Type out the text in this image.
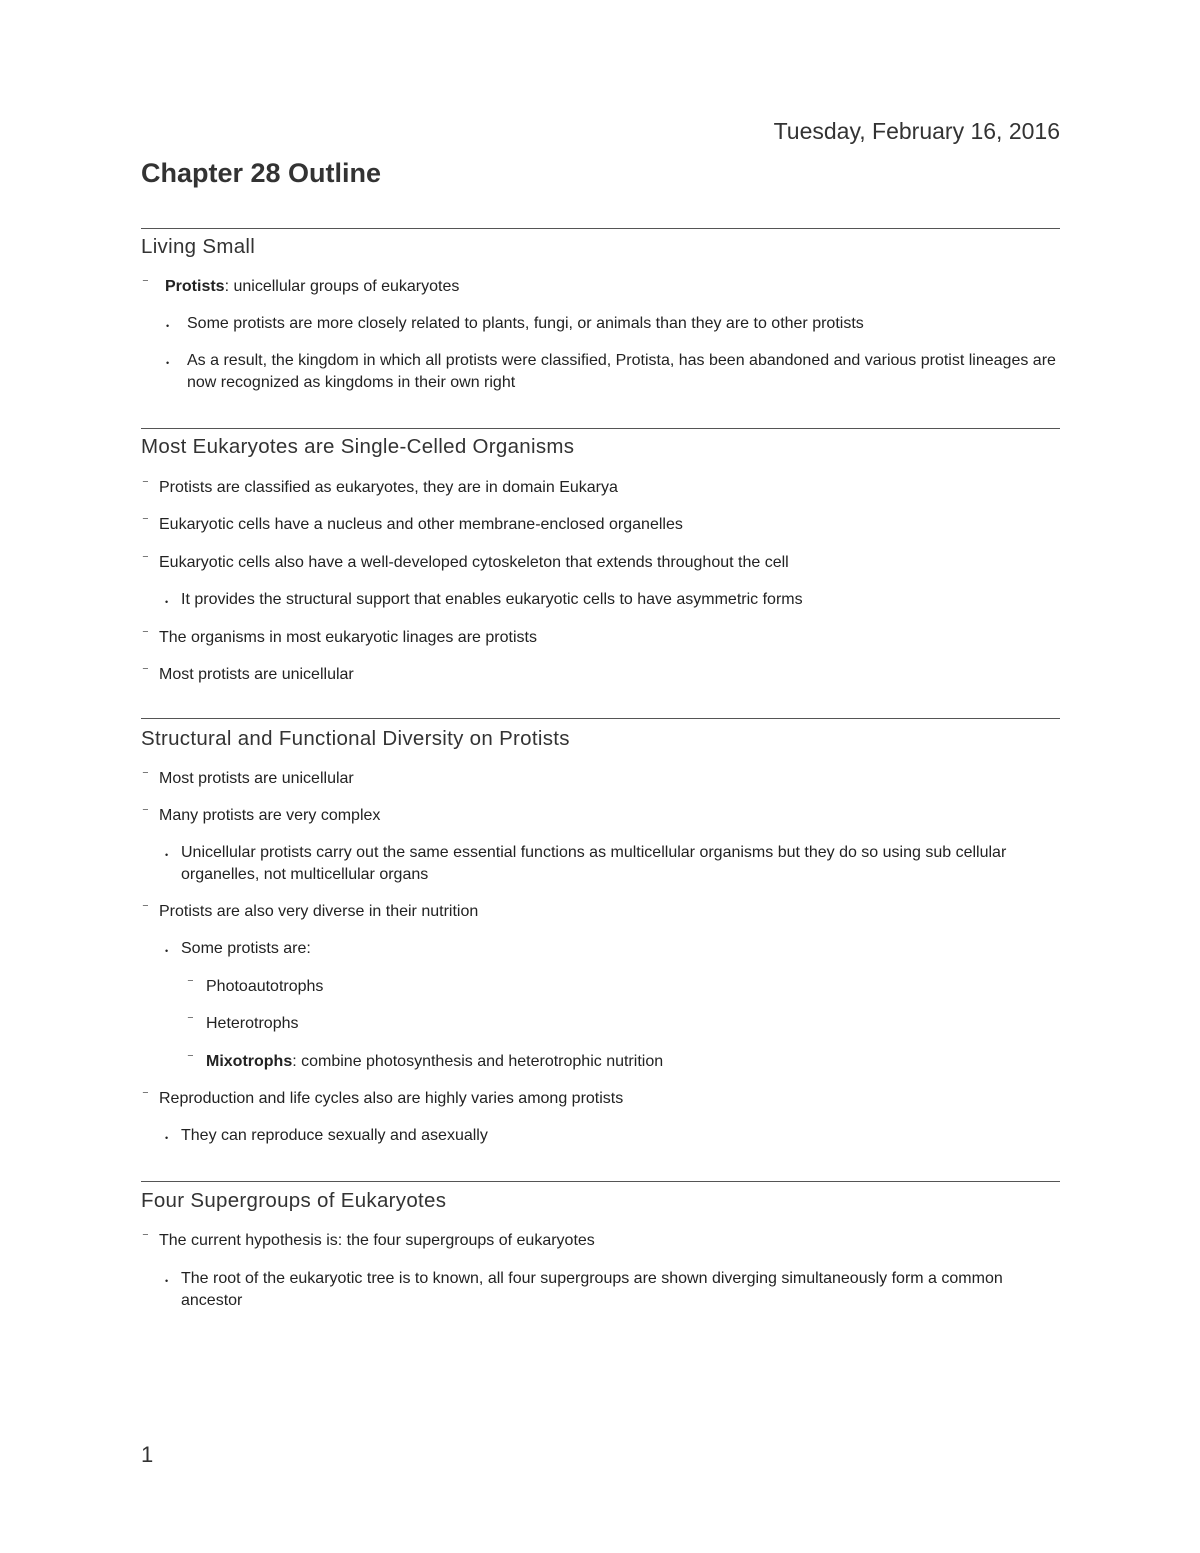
Tuesday, February 16, 2016
Chapter 28 Outline
Living Small
⁻ Protists: unicellular groups of eukaryotes
• Some protists are more closely related to plants, fungi, or animals than they are to other protists
• As a result, the kingdom in which all protists were classified, Protista, has been abandoned and various protist lineages are now recognized as kingdoms in their own right
Most Eukaryotes are Single-Celled Organisms
⁻ Protists are classified as eukaryotes, they are in domain Eukarya
⁻ Eukaryotic cells have a nucleus and other membrane-enclosed organelles
⁻ Eukaryotic cells also have a well-developed cytoskeleton that extends throughout the cell
• It provides the structural support that enables eukaryotic cells to have asymmetric forms
⁻ The organisms in most eukaryotic linages are protists
⁻ Most protists are unicellular
Structural and Functional Diversity on Protists
⁻ Most protists are unicellular
⁻ Many protists are very complex
• Unicellular protists carry out the same essential functions as multicellular organisms but they do so using sub cellular organelles, not multicellular organs
⁻ Protists are also very diverse in their nutrition
• Some protists are:
⁻ Photoautotrophs
⁻ Heterotrophs
⁻ Mixotrophs: combine photosynthesis and heterotrophic nutrition
⁻ Reproduction and life cycles also are highly varies among protists
• They can reproduce sexually and asexually
Four Supergroups of Eukaryotes
⁻ The current hypothesis is: the four supergroups of eukaryotes
• The root of the eukaryotic tree is to known, all four supergroups are shown diverging simultaneously form a common ancestor
1
